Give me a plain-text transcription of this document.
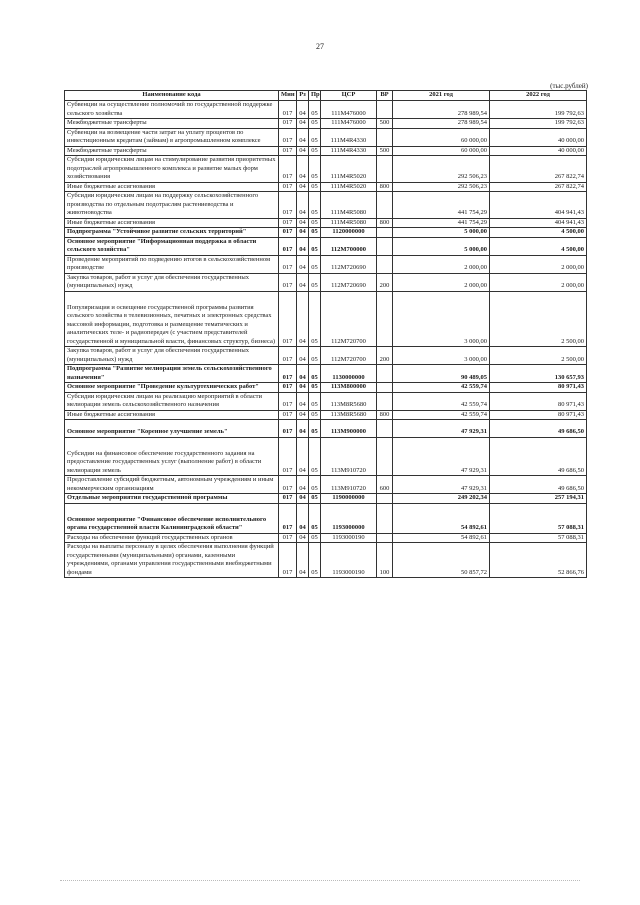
27
(тыс.рублей)
Наименование кода	Мин	Рз	Пр	ЦСР	ВР	2021 год	2022 год
Субвенции на осуществление полномочий по государственной поддержке сельского хозяйства	017	04	05	111М476000		278 989,54	199 792,63
Межбюджетные трансферты	017	04	05	111М476000	500	278 989,54	199 792,63
Субвенции на возмещение части затрат на уплату процентов по инвестиционным кредитам (займам) в агропромышленном комплексе	017	04	05	111М4R4330		60 000,00	40 000,00
Межбюджетные трансферты	017	04	05	111М4R4330	500	60 000,00	40 000,00
Субсидии юридическим лицам на стимулирование развития приоритетных подотраслей агропромышленного комплекса и развитие малых форм хозяйствования	017	04	05	111М4R5020		292 506,23	267 822,74
Иные бюджетные ассигнования	017	04	05	111М4R5020	800	292 506,23	267 822,74
Субсидии юридическим лицам на поддержку сельскохозяйственного производства по отдельным подотраслям растениеводства и животноводства	017	04	05	111М4R5080		441 754,29	404 941,43
Иные бюджетные ассигнования	017	04	05	111М4R5080	800	441 754,29	404 941,43
Подпрограмма "Устойчивое развитие сельских территорий"	017	04	05	1120000000		5 000,00	4 500,00
Основное мероприятие "Информационная поддержка в области сельского хозяйства"	017	04	05	112М700000		5 000,00	4 500,00
Проведение мероприятий по подведению итогов в сельскохозяйственном производстве	017	04	05	112М720690		2 000,00	2 000,00
Закупка товаров, работ и услуг для обеспечения государственных (муниципальных) нужд	017	04	05	112М720690	200	2 000,00	2 000,00
Популяризация и освещение государственной программы развития сельского хозяйства в телевизионных, печатных и электронных средствах массовой информации, подготовка и размещение тематических и аналитических теле- и радиопередач (с участием представителей государственной и муниципальной власти, финансовых структур, бизнеса)	017	04	05	112М720700		3 000,00	2 500,00
Закупка товаров, работ и услуг для обеспечения государственных (муниципальных) нужд	017	04	05	112М720700	200	3 000,00	2 500,00
Подпрограмма "Развитие мелиорации земель сельскохозяйственного назначения"	017	04	05	1130000000		90 489,05	130 657,93
Основное мероприятие "Проведение культуртехнических работ"	017	04	05	113М800000		42 559,74	80 971,43
Субсидии юридическим лицам на реализацию мероприятий в области мелиорации земель сельскохозяйственного назначения	017	04	05	113М8R5680		42 559,74	80 971,43
Иные бюджетные ассигнования	017	04	05	113М8R5680	800	42 559,74	80 971,43
Основное мероприятие "Коренное улучшение земель"	017	04	05	113М900000		47 929,31	49 686,50
Субсидии на финансовое обеспечение государственного задания на предоставление государственных услуг (выполнение работ) в области мелиорации земель	017	04	05	113М910720		47 929,31	49 686,50
Предоставление субсидий бюджетным, автономным учреждениям и иным некоммерческим организациям	017	04	05	113М910720	600	47 929,31	49 686,50
Отдельные мероприятия государственной программы	017	04	05	1190000000		249 202,34	257 194,31
Основное мероприятие "Финансовое обеспечение исполнительного органа государственной власти Калининградской области"	017	04	05	1193000000		54 892,61	57 088,31
Расходы на обеспечение функций государственных органов	017	04	05	1193000190		54 892,61	57 088,31
Расходы на выплаты персоналу в целях обеспечения выполнения функций государственными (муниципальными) органами, казенными учреждениями, органами управления государственными внебюджетными фондами	017	04	05	1193000190	100	50 857,72	52 866,76
